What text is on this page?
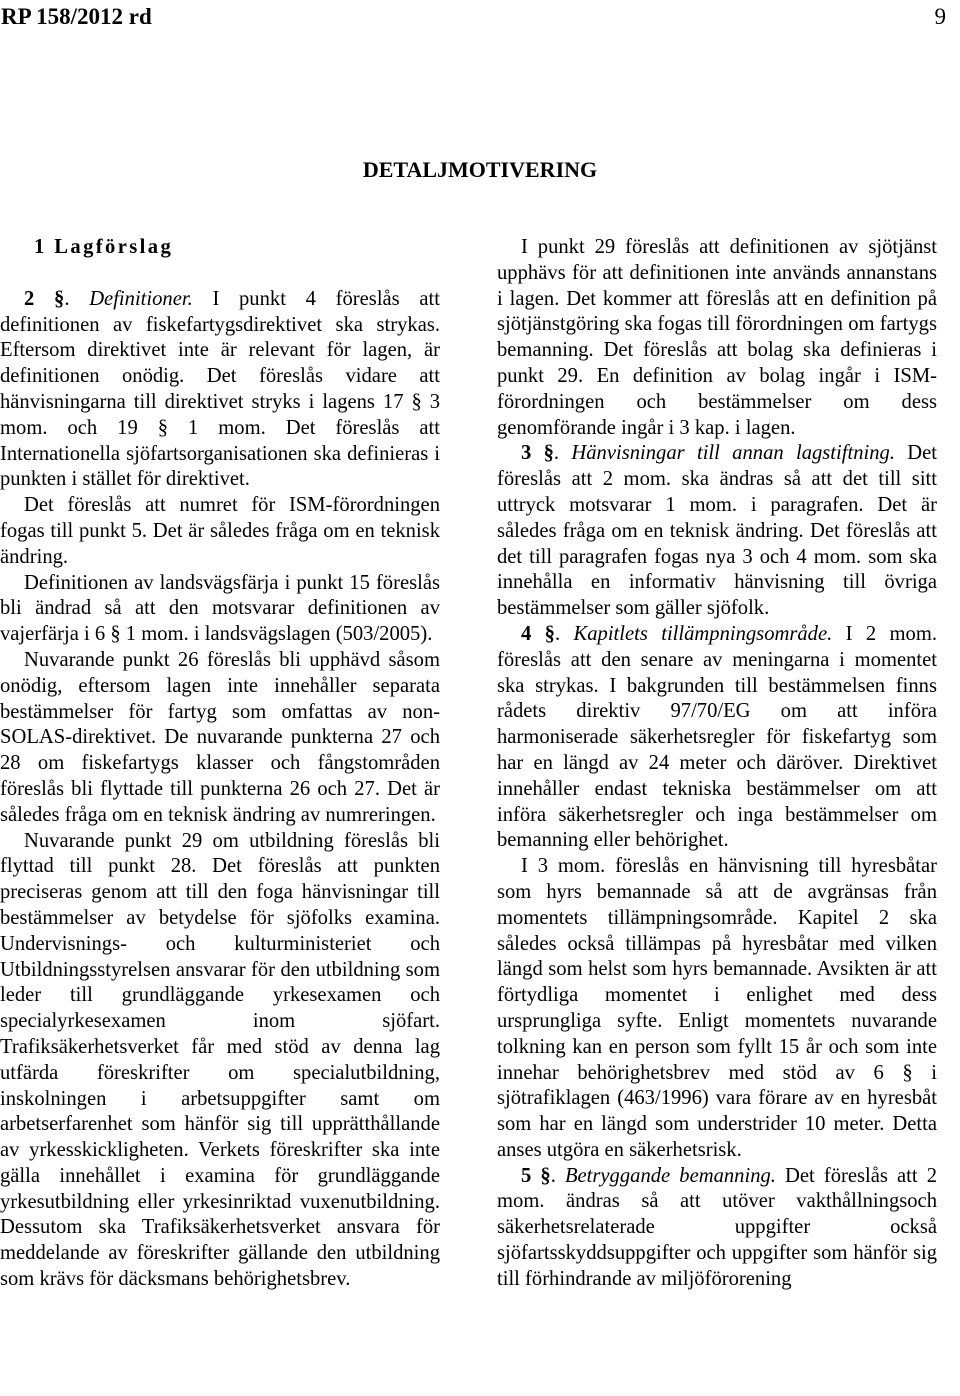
RP 158/2012 rd	9
DETALJMOTIVERING

1 Lagförslag

2 §. Definitioner. I punkt 4 föreslås att definitionen av fiskefartygsdirektivet ska strykas. Eftersom direktivet inte är relevant för lagen, är definitionen onödig. Det föreslås vidare att hänvisningarna till direktivet stryks i lagens 17 § 3 mom. och 19 § 1 mom. Det föreslås att Internationella sjöfartsorganisationen ska definieras i punkten i stället för direktivet.

Det föreslås att numret för ISM-förordningen fogas till punkt 5. Det är således fråga om en teknisk ändring.

Definitionen av landsvägsfärja i punkt 15 föreslås bli ändrad så att den motsvarar definitionen av vajerfärja i 6 § 1 mom. i landsvägslagen (503/2005).

Nuvarande punkt 26 föreslås bli upphävd såsom onödig, eftersom lagen inte innehåller separata bestämmelser för fartyg som omfattas av non-SOLAS-direktivet. De nuvarande punkterna 27 och 28 om fiskefartygs klasser och fångstområden föreslås bli flyttade till punkterna 26 och 27. Det är således fråga om en teknisk ändring av numreringen.

Nuvarande punkt 29 om utbildning föreslås bli flyttad till punkt 28. Det föreslås att punkten preciseras genom att till den foga hänvisningar till bestämmelser av betydelse för sjöfolks examina. Undervisnings- och kulturministeriet och Utbildningsstyrelsen ansvarar för den utbildning som leder till grundläggande yrkesexamen och specialyrkesexamen inom sjöfart. Trafiksäkerhetsverket får med stöd av denna lag utfärda föreskrifter om specialutbildning, inskolningen i arbetsuppgifter samt om arbetserfarenhet som hänför sig till upprätthållande av yrkesskickligheten. Verkets föreskrifter ska inte gälla innehållet i examina för grundläggande yrkesutbildning eller yrkesinriktad vuxenutbildning. Dessutom ska Trafiksäkerhetsverket ansvara för meddelande av föreskrifter gällande den utbildning som krävs för däcksmans behörighetsbrev.

I punkt 29 föreslås att definitionen av sjötjänst upphävs för att definitionen inte används annanstans i lagen. Det kommer att föreslås att en definition på sjötjänstgöring ska fogas till förordningen om fartygs bemanning. Det föreslås att bolag ska definieras i punkt 29. En definition av bolag ingår i ISM-förordningen och bestämmelser om dess genomförande ingår i 3 kap. i lagen.

3 §. Hänvisningar till annan lagstiftning. Det föreslås att 2 mom. ska ändras så att det till sitt uttryck motsvarar 1 mom. i paragrafen. Det är således fråga om en teknisk ändring. Det föreslås att det till paragrafen fogas nya 3 och 4 mom. som ska innehålla en informativ hänvisning till övriga bestämmelser som gäller sjöfolk.

4 §. Kapitlets tillämpningsområde. I 2 mom. föreslås att den senare av meningarna i momentet ska strykas. I bakgrunden till bestämmelsen finns rådets direktiv 97/70/EG om att införa harmoniserade säkerhetsregler för fiskefartyg som har en längd av 24 meter och däröver. Direktivet innehåller endast tekniska bestämmelser om att införa säkerhetsregler och inga bestämmelser om bemanning eller behörighet.

I 3 mom. föreslås en hänvisning till hyresbåtar som hyrs bemannade så att de avgränsas från momentets tillämpningsområde. Kapitel 2 ska således också tillämpas på hyresbåtar med vilken längd som helst som hyrs bemannade. Avsikten är att förtydliga momentet i enlighet med dess ursprungliga syfte. Enligt momentets nuvarande tolkning kan en person som fyllt 15 år och som inte innehar behörighetsbrev med stöd av 6 § i sjötrafiklagen (463/1996) vara förare av en hyresbåt som har en längd som understrider 10 meter. Detta anses utgöra en säkerhetsrisk.

5 §. Betryggande bemanning. Det föreslås att 2 mom. ändras så att utöver vakthållningsoch säkerhetsrelaterade uppgifter också sjöfartsskyddsuppgifter och uppgifter som hänför sig till förhindrande av miljöförorening
